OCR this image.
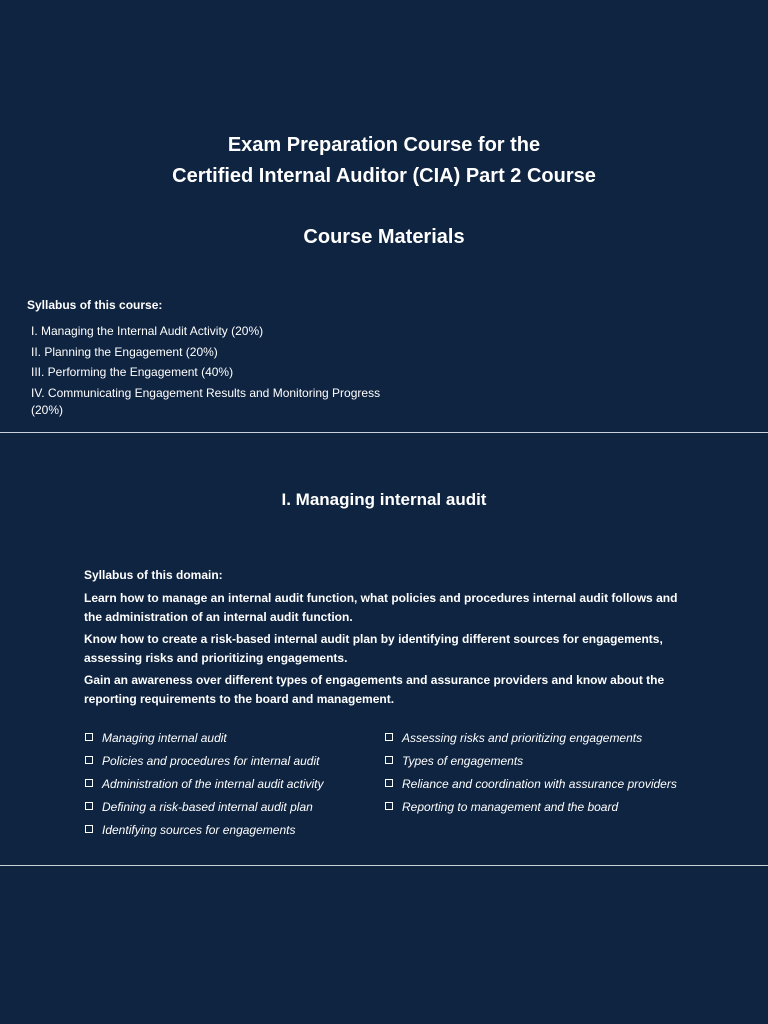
Exam Preparation Course for the
Certified Internal Auditor (CIA) Part 2 Course
Course Materials
Syllabus of this course:
I. Managing the Internal Audit Activity (20%)
II. Planning the Engagement (20%)
III. Performing the Engagement (40%)
IV. Communicating Engagement Results and Monitoring Progress (20%)
I. Managing internal audit
Syllabus of this domain:

Learn how to manage an internal audit function, what policies and procedures internal audit follows and the administration of an internal audit function.

Know how to create a risk-based internal audit plan by identifying different sources for engagements, assessing risks and prioritizing engagements.

Gain an awareness over different types of engagements and assurance providers and know about the reporting requirements to the board and management.

Managing internal audit
Policies and procedures for internal audit
Administration of the internal audit activity
Defining a risk-based internal audit plan
Identifying sources for engagements
Assessing risks and prioritizing engagements
Types of engagements
Reliance and coordination with assurance providers
Reporting to management and the board
